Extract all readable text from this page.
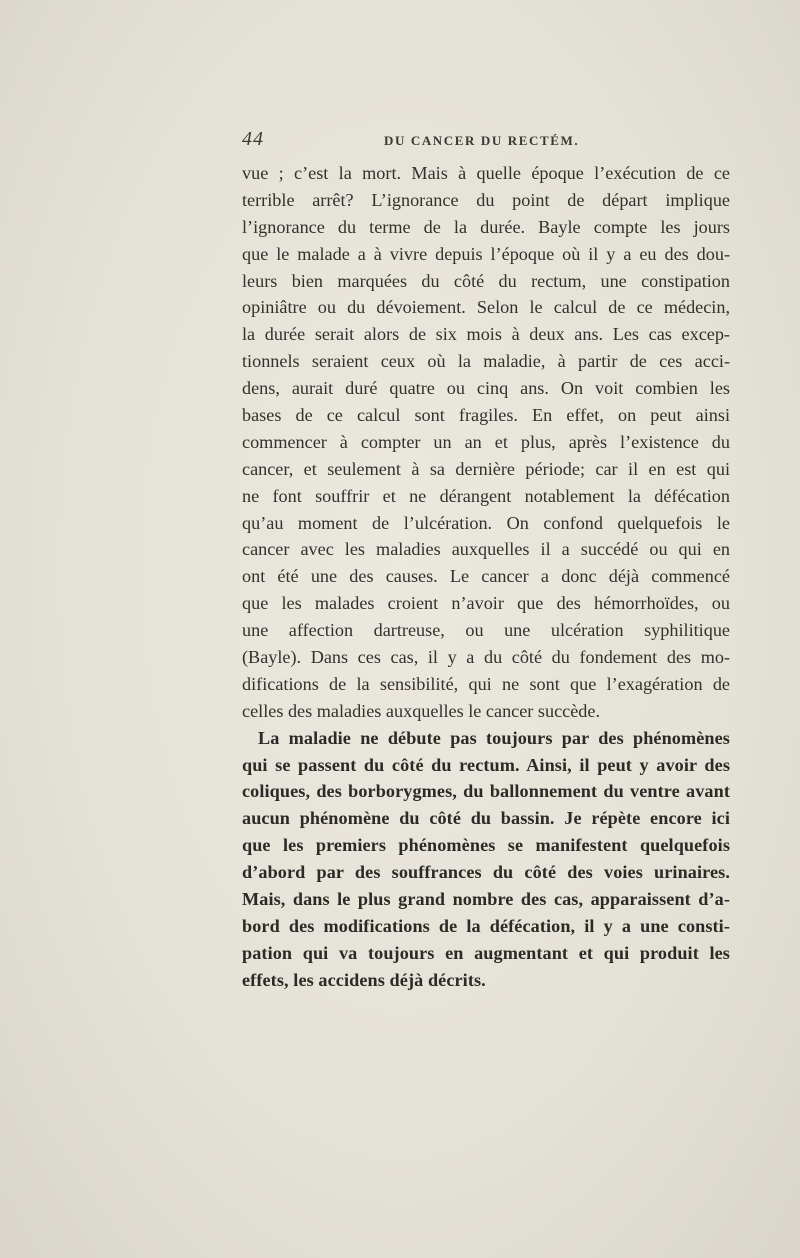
44	DU CANCER DU RECTÉM.
vue ; c’est la mort. Mais à quelle époque l’exécution de ce
terrible arrêt? L’ignorance du point de départ implique
l’ignorance du terme de la durée. Bayle compte les jours
que le malade a à vivre depuis l’époque où il y a eu des dou-
leurs bien marquées du côté du rectum, une constipation
opiniâtre ou du dévoiement. Selon le calcul de ce médecin,
la durée serait alors de six mois à deux ans. Les cas excep-
tionnels seraient ceux où la maladie, à partir de ces acci-
dens, aurait duré quatre ou cinq ans. On voit combien les
bases de ce calcul sont fragiles. En effet, on peut ainsi
commencer à compter un an et plus, après l’existence du
cancer, et seulement à sa dernière période; car il en est qui
ne font souffrir et ne dérangent notablement la défécation
qu’au moment de l’ulcération. On confond quelquefois le
cancer avec les maladies auxquelles il a succédé ou qui en
ont été une des causes. Le cancer a donc déjà commencé
que les malades croient n’avoir que des hémorrhoïdes, ou
une affection dartreuse, ou une ulcération syphilitique
(Bayle). Dans ces cas, il y a du côté du fondement des mo-
difications de la sensibilité, qui ne sont que l’exagération de
celles des maladies auxquelles le cancer succède.
La maladie ne débute pas toujours par des phénomènes
qui se passent du côté du rectum. Ainsi, il peut y avoir des
coliques, des borborygmes, du ballonnement du ventre avant
aucun phénomène du côté du bassin. Je répète encore ici
que les premiers phénomènes se manifestent quelquefois
d’abord par des souffrances du côté des voies urinaires.
Mais, dans le plus grand nombre des cas, apparaissent d’a-
bord des modifications de la défécation, il y a une consti-
pation qui va toujours en augmentant et qui produit les
effets, les accidens déjà décrits.
